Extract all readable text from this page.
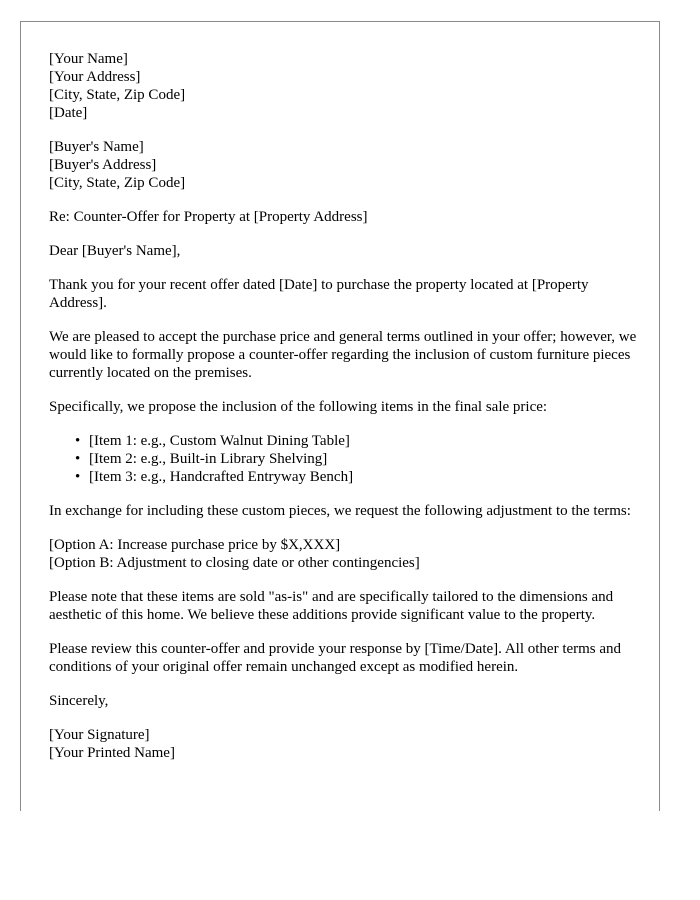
[Your Name]
[Your Address]
[City, State, Zip Code]
[Date]
[Buyer's Name]
[Buyer's Address]
[City, State, Zip Code]

Re: Counter-Offer for Property at [Property Address]

Dear [Buyer's Name],

Thank you for your recent offer dated [Date] to purchase the property located at [Property Address].

We are pleased to accept the purchase price and general terms outlined in your offer; however, we would like to formally propose a counter-offer regarding the inclusion of custom furniture pieces currently located on the premises.

Specifically, we propose the inclusion of the following items in the final sale price:

• [Item 1: e.g., Custom Walnut Dining Table]
• [Item 2: e.g., Built-in Library Shelving]
• [Item 3: e.g., Handcrafted Entryway Bench]

In exchange for including these custom pieces, we request the following adjustment to the terms:

[Option A: Increase purchase price by $X,XXX]
[Option B: Adjustment to closing date or other contingencies]

Please note that these items are sold "as-is" and are specifically tailored to the dimensions and aesthetic of this home. We believe these additions provide significant value to the property.

Please review this counter-offer and provide your response by [Time/Date]. All other terms and conditions of your original offer remain unchanged except as modified herein.

Sincerely,

[Your Signature]
[Your Printed Name]
